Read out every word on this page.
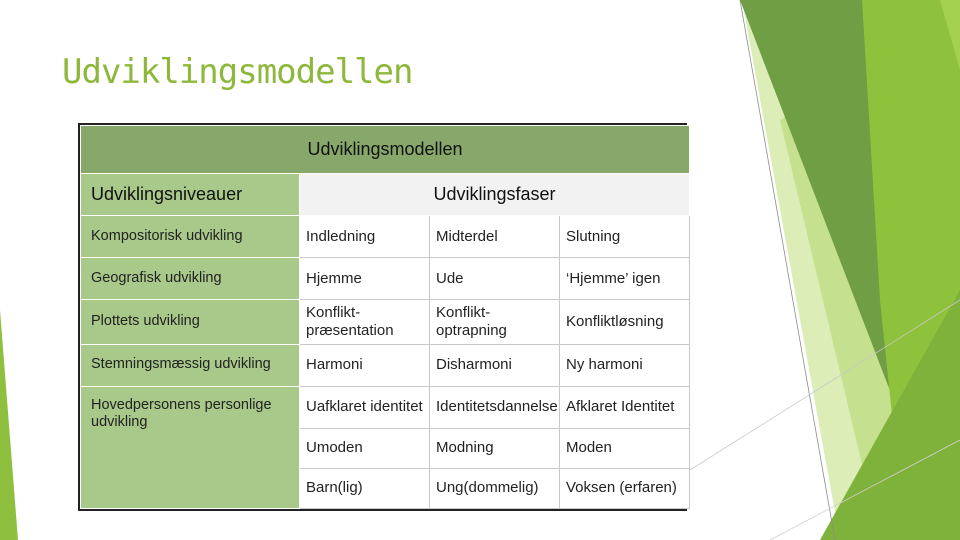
Udviklingsmodellen
Udviklingsmodellen			
Udviklingsniveauer	Udviklingsfaser		
Kompositorisk udvikling	Indledning	Midterdel	Slutning
Geografisk udvikling	Hjemme	Ude	‘Hjemme’ igen
Plottets udvikling	Konflikt-præsentation	Konflikt-optrapning	Konfliktløsning
Stemningsmæssig udvikling	Harmoni	Disharmoni	Ny harmoni
Hovedpersonens personlige udvikling	Uafklaret identitet	Identitetsdannelse	Afklaret Identitet
	Umoden	Modning	Moden
	Barn(lig)	Ung(dommelig)	Voksen (erfaren)
